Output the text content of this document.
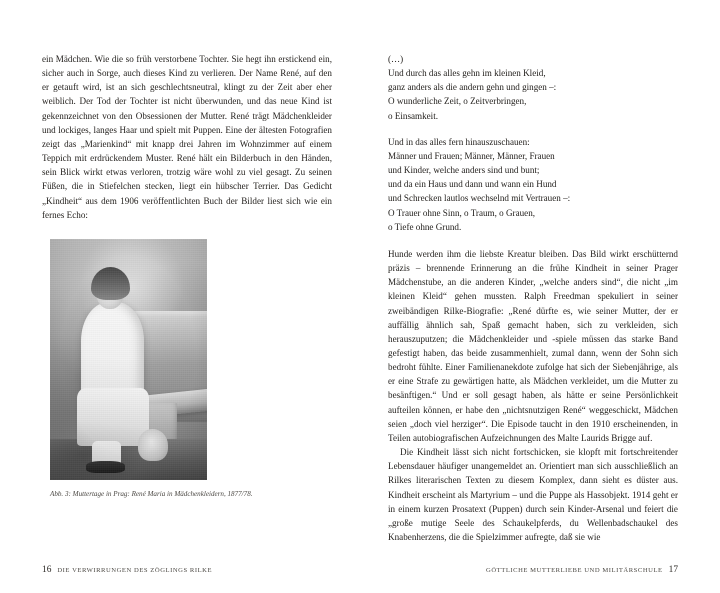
ein Mädchen. Wie die so früh verstorbene Tochter. Sie hegt ihn erstickend ein, sicher auch in Sorge, auch dieses Kind zu verlieren. Der Name René, auf den er getauft wird, ist an sich geschlechtsneutral, klingt zu der Zeit aber eher weiblich. Der Tod der Tochter ist nicht überwunden, und das neue Kind ist gekennzeichnet von den Obsessionen der Mutter. René trägt Mädchenkleider und lockiges, langes Haar und spielt mit Puppen. Eine der ältesten Fotografien zeigt das „Marienkind“ mit knapp drei Jahren im Wohnzimmer auf einem Teppich mit erdrückendem Muster. René hält ein Bilderbuch in den Händen, sein Blick wirkt etwas verloren, trotzig wäre wohl zu viel gesagt. Zu seinen Füßen, die in Stiefelchen stecken, liegt ein hübscher Terrier. Das Gedicht „Kindheit“ aus dem 1906 veröffentlichten Buch der Bilder liest sich wie ein fernes Echo:

Abb. 3: Muttertage in Prag: René Maria in Mädchenkleidern, 1877/78.
16 DIE VERWIRRUNGEN DES ZÖGLINGS RILKE
(…)
Und durch das alles gehn im kleinen Kleid,
ganz anders als die andern gehn und gingen –:
O wunderliche Zeit, o Zeitverbringen,
o Einsamkeit.
Und in das alles fern hinauszuschauen:
Männer und Frauen; Männer, Männer, Frauen
und Kinder, welche anders sind und bunt;
und da ein Haus und dann und wann ein Hund
und Schrecken lautlos wechselnd mit Vertrauen –:
O Trauer ohne Sinn, o Traum, o Grauen,
o Tiefe ohne Grund.

Hunde werden ihm die liebste Kreatur bleiben. Das Bild wirkt erschütternd präzis – brennende Erinnerung an die frühe Kindheit in seiner Prager Mädchenstube, an die anderen Kinder, „welche anders sind“, die nicht „im kleinen Kleid“ gehen mussten. Ralph Freedman spekuliert in seiner zweibändigen Rilke-Biografie: „René dürfte es, wie seiner Mutter, der er auffällig ähnlich sah, Spaß gemacht haben, sich zu verkleiden, sich herauszuputzen; die Mädchenkleider und -spiele müssen das starke Band gefestigt haben, das beide zusammenhielt, zumal dann, wenn der Sohn sich bedroht fühlte. Einer Familienanekdote zufolge hat sich der Siebenjährige, als er eine Strafe zu gewärtigen hatte, als Mädchen verkleidet, um die Mutter zu besänftigen.“ Und er soll gesagt haben, als hätte er seine Persönlichkeit aufteilen können, er habe den „nichtsnutzigen René“ weggeschickt, Mädchen seien „doch viel herziger“. Die Episode taucht in den 1910 erscheinenden, in Teilen autobiografischen Aufzeichnungen des Malte Laurids Brigge auf.

Die Kindheit lässt sich nicht fortschicken, sie klopft mit fortschreitender Lebensdauer häufiger unangemeldet an. Orientiert man sich ausschließlich an Rilkes literarischen Texten zu diesem Komplex, dann sieht es düster aus. Kindheit erscheint als Martyrium – und die Puppe als Hassobjekt. 1914 geht er in einem kurzen Prosatext (Puppen) durch sein Kinder-Arsenal und feiert die „große mutige Seele des Schaukelpferds, du Wellenbadschaukel des Knabenherzens, die die Spielzimmer aufregte, daß sie wie

GÖTTLICHE MUTTERLIEBE UND MILITÄRSCHULE 17
